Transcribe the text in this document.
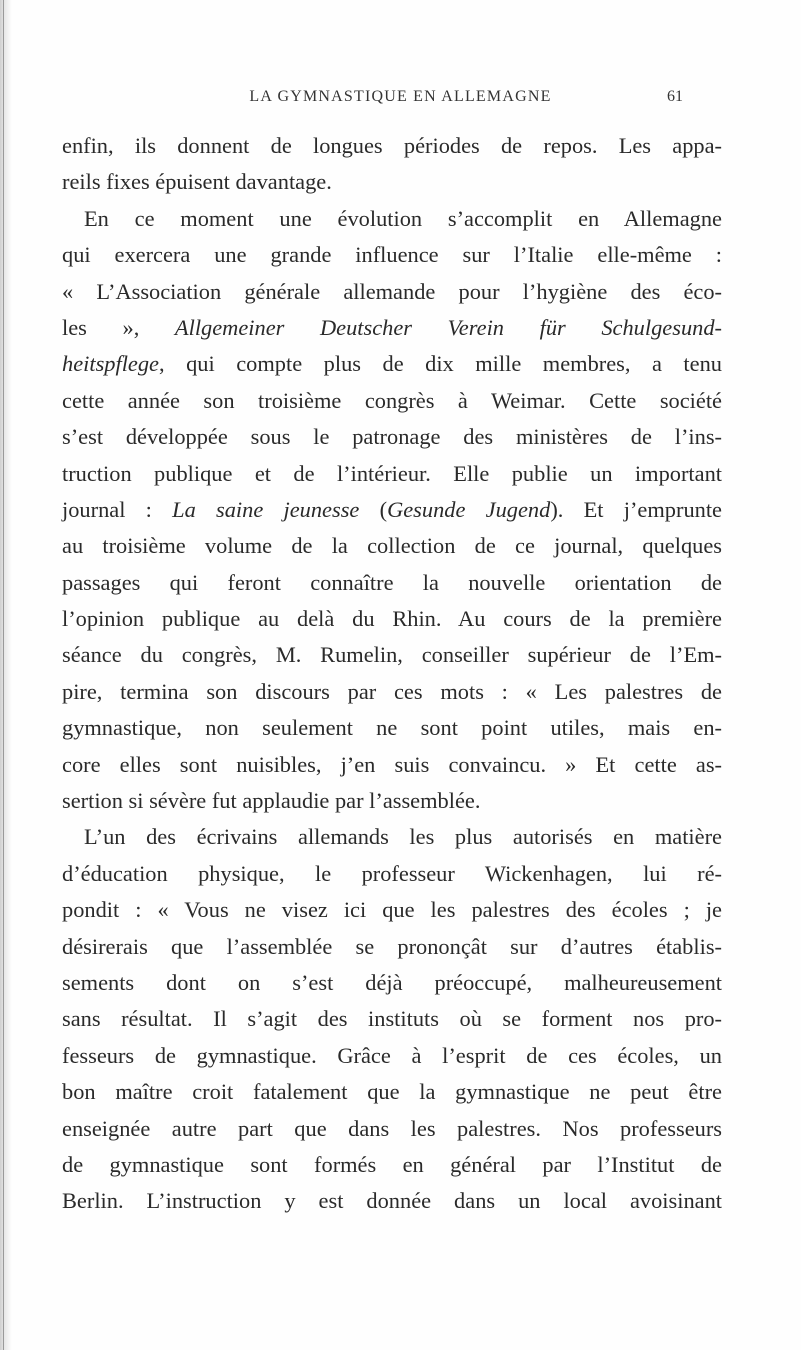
LA GYMNASTIQUE EN ALLEMAGNE	61
enfin, ils donnent de longues périodes de repos. Les appa-
reils fixes épuisent davantage.
En ce moment une évolution s’accomplit en Allemagne
qui exercera une grande influence sur l’Italie elle-même :
« L’Association générale allemande pour l’hygiène des éco-
les », Allgemeiner Deutscher Verein für Schulgesund-
heitspflege, qui compte plus de dix mille membres, a tenu
cette année son troisième congrès à Weimar. Cette société
s’est développée sous le patronage des ministères de l’ins-
truction publique et de l’intérieur. Elle publie un important
journal : La saine jeunesse (Gesunde Jugend). Et j’emprunte
au troisième volume de la collection de ce journal, quelques
passages qui feront connaître la nouvelle orientation de
l’opinion publique au delà du Rhin. Au cours de la première
séance du congrès, M. Rumelin, conseiller supérieur de l’Em-
pire, termina son discours par ces mots : « Les palestres de
gymnastique, non seulement ne sont point utiles, mais en-
core elles sont nuisibles, j’en suis convaincu. » Et cette as-
sertion si sévère fut applaudie par l’assemblée.
L’un des écrivains allemands les plus autorisés en matière
d’éducation physique, le professeur Wickenhagen, lui ré-
pondit : « Vous ne visez ici que les palestres des écoles ; je
désirerais que l’assemblée se prononçât sur d’autres établis-
sements dont on s’est déjà préoccupé, malheureusement
sans résultat. Il s’agit des instituts où se forment nos pro-
fesseurs de gymnastique. Grâce à l’esprit de ces écoles, un
bon maître croit fatalement que la gymnastique ne peut être
enseignée autre part que dans les palestres. Nos professeurs
de gymnastique sont formés en général par l’Institut de
Berlin. L’instruction y est donnée dans un local avoisinant
